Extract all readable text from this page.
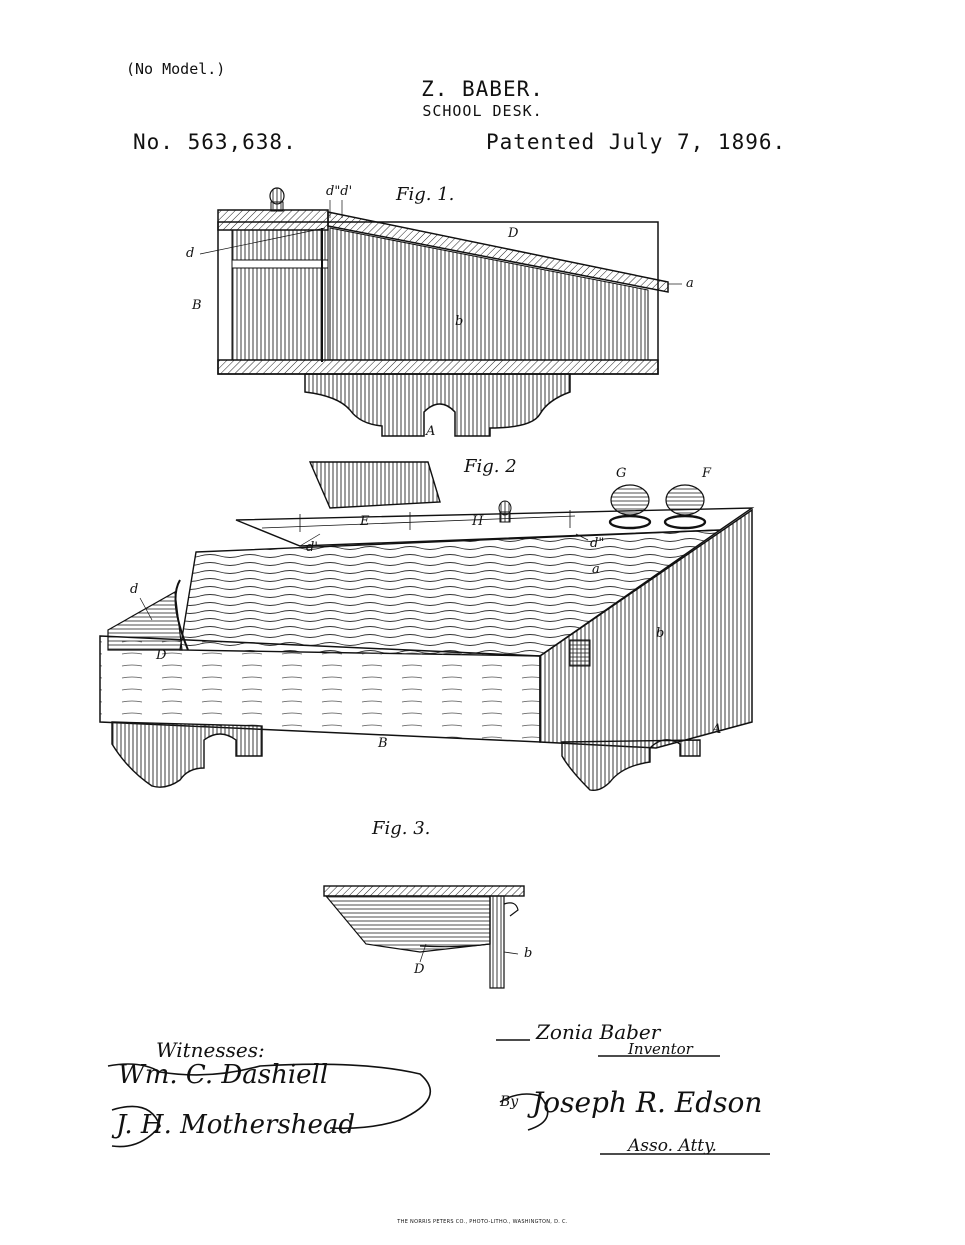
(No Model.)
Z. BABER.
SCHOOL DESK.
No. 563,638.	Patented July 7, 1896.
Fig. 1.
Fig. 2
Fig. 3.
d"d'
d
D
a
B
b
A
G	F
E	H
d'	d"
a
d
D
b
B
A
b
D
Witnesses:
Wm. C. Dashiell
J. H. Mothershead
Zonia Baber
Inventor
By Joseph R. Edson
Asso. Atty.
THE NORRIS PETERS CO., PHOTO-LITHO., WASHINGTON, D. C.
